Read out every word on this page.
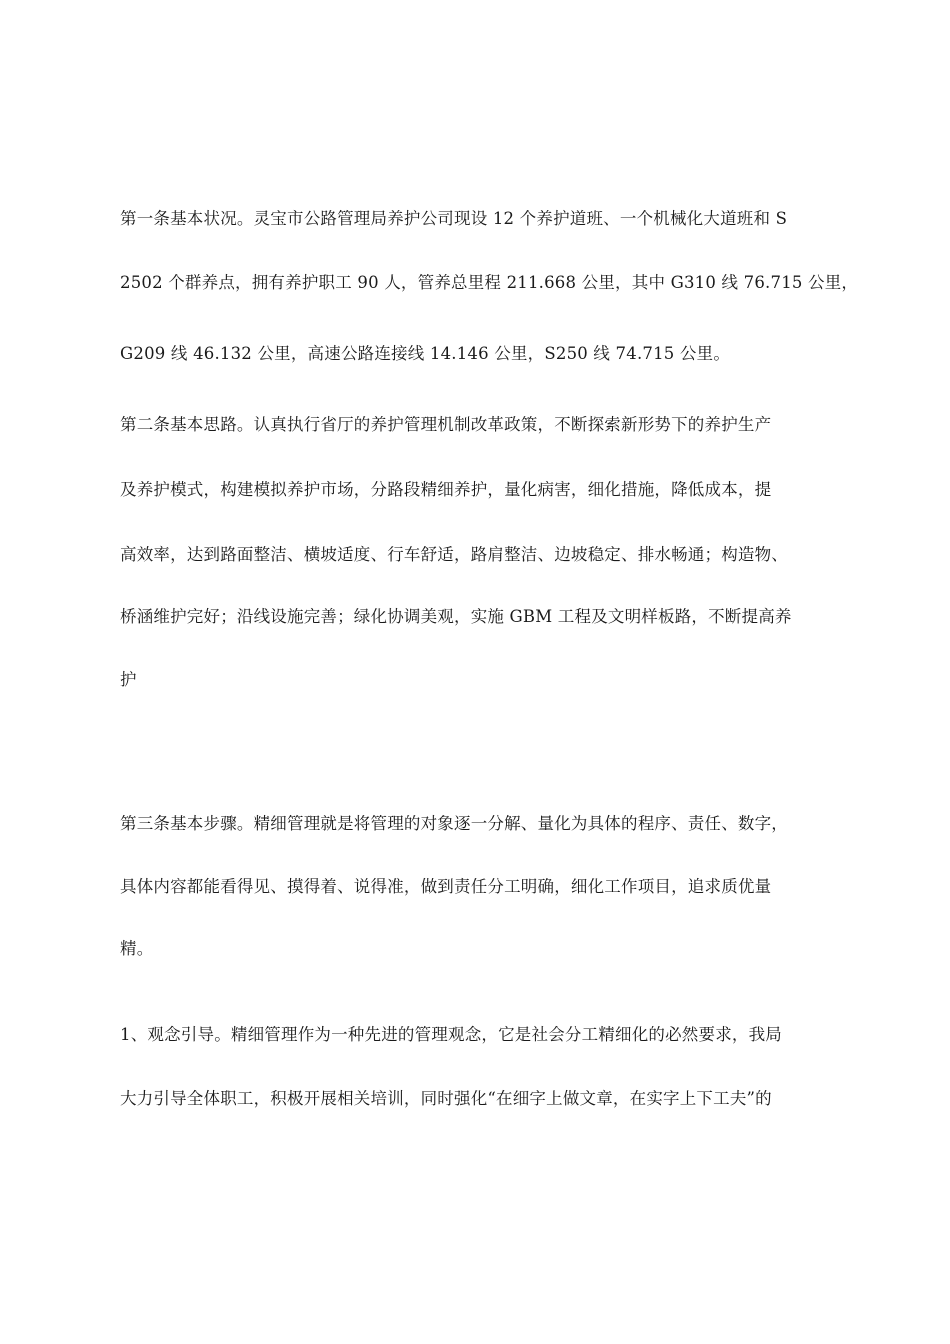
第一条基本状况。灵宝市公路管理局养护公司现设 12 个养护道班、一个机械化大道班和 S
2502 个群养点，拥有养护职工 90 人，管养总里程 211.668 公里，其中 G310 线 76.715 公里，
G209 线 46.132 公里，高速公路连接线 14.146 公里，S250 线 74.715 公里。
第二条基本思路。认真执行省厅的养护管理机制改革政策，不断探索新形势下的养护生产
及养护模式，构建模拟养护市场，分路段精细养护，量化病害，细化措施，降低成本，提
高效率，达到路面整洁、横坡适度、行车舒适，路肩整洁、边坡稳定、排水畅通；构造物、
桥涵维护完好；沿线设施完善；绿化协调美观，实施 GBM 工程及文明样板路，不断提高养
护
第三条基本步骤。精细管理就是将管理的对象逐一分解、量化为具体的程序、责任、数字，
具体内容都能看得见、摸得着、说得准，做到责任分工明确，细化工作项目，追求质优量
精。
1、观念引导。精细管理作为一种先进的管理观念，它是社会分工精细化的必然要求，我局
大力引导全体职工，积极开展相关培训，同时强化“在细字上做文章，在实字上下工夫”的
